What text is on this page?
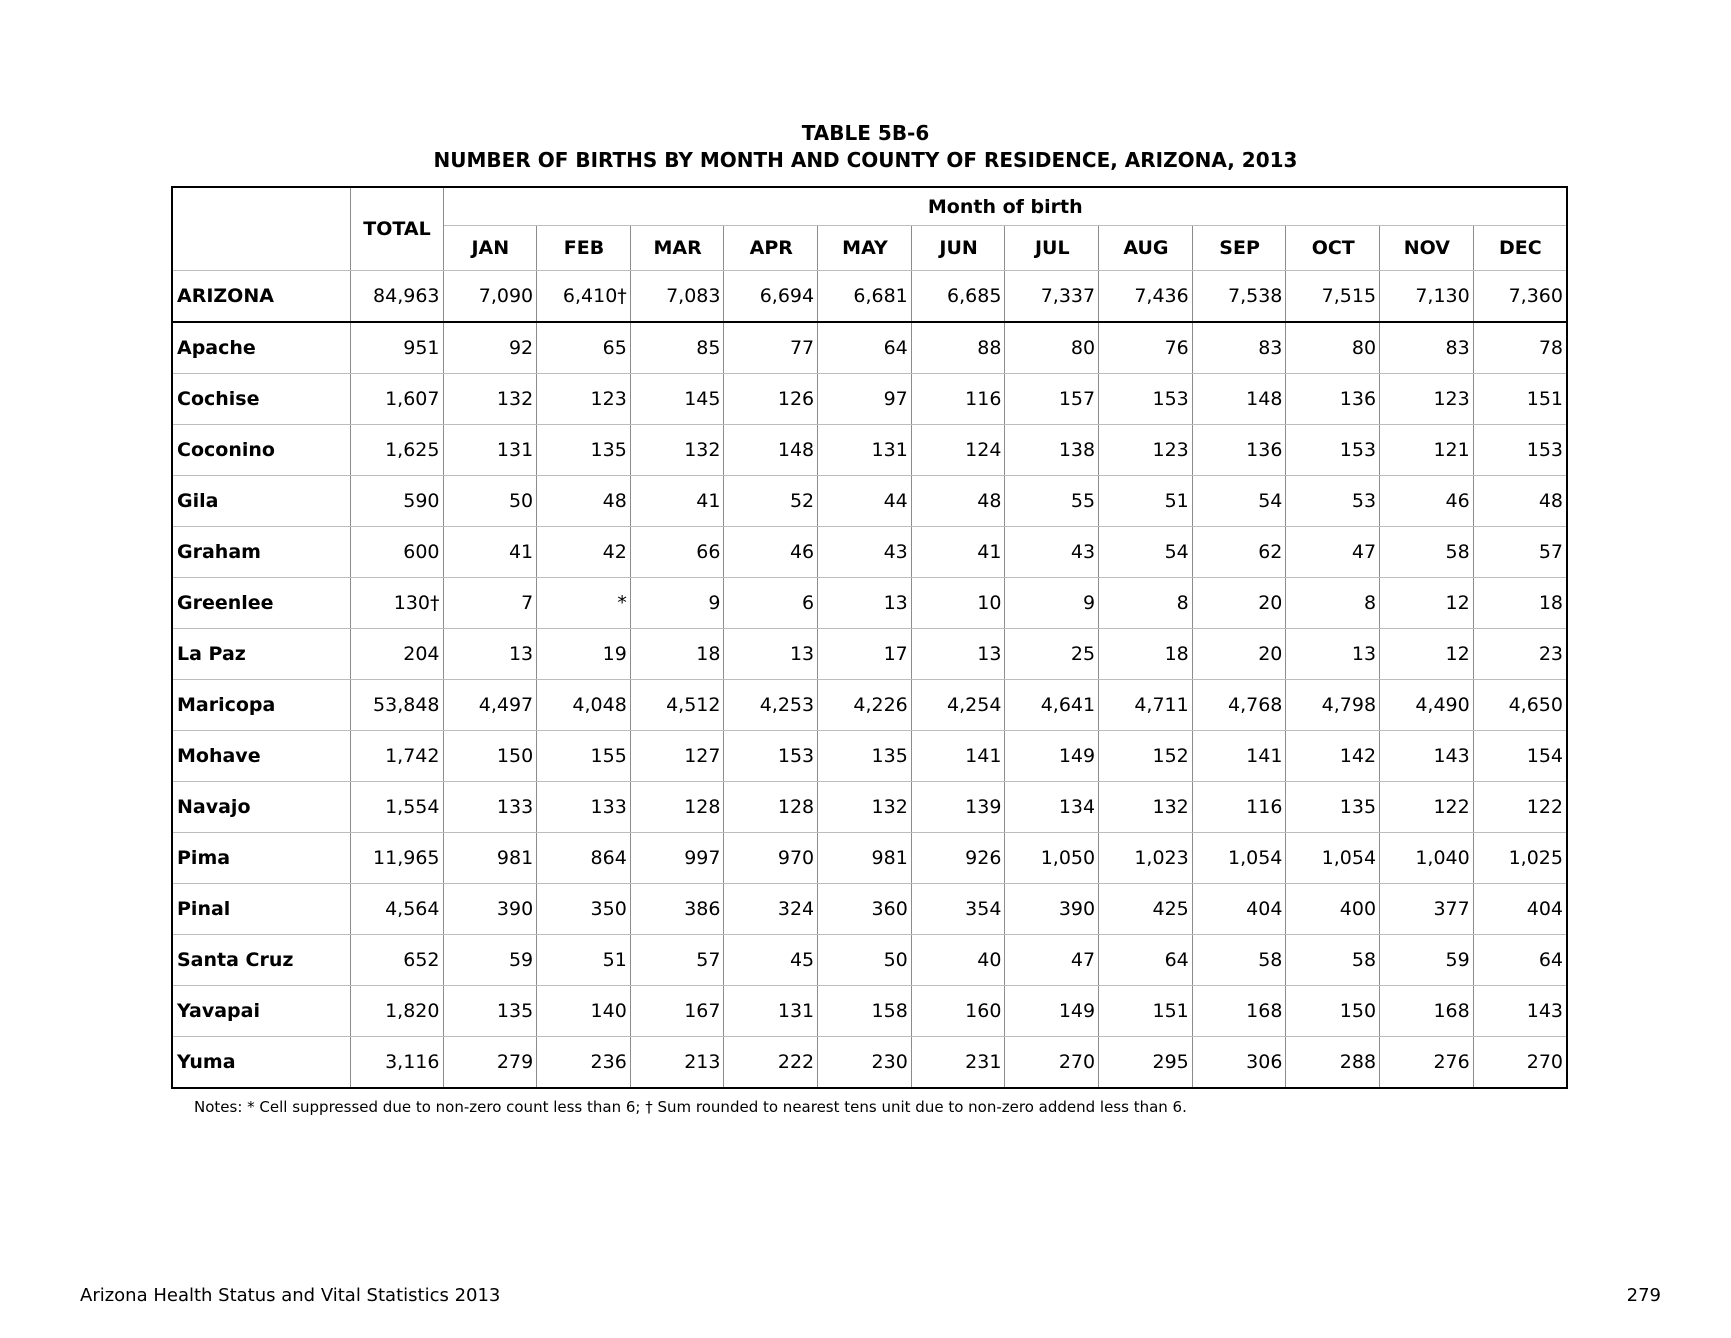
TABLE 5B-6
NUMBER OF BIRTHS BY MONTH AND COUNTY OF RESIDENCE, ARIZONA, 2013
	TOTAL	Month of birth											
		JAN	FEB	MAR	APR	MAY	JUN	JUL	AUG	SEP	OCT	NOV	DEC
ARIZONA	84,963	7,090	6,410†	7,083	6,694	6,681	6,685	7,337	7,436	7,538	7,515	7,130	7,360
Apache	951	92	65	85	77	64	88	80	76	83	80	83	78
Cochise	1,607	132	123	145	126	97	116	157	153	148	136	123	151
Coconino	1,625	131	135	132	148	131	124	138	123	136	153	121	153
Gila	590	50	48	41	52	44	48	55	51	54	53	46	48
Graham	600	41	42	66	46	43	41	43	54	62	47	58	57
Greenlee	130†	7	*	9	6	13	10	9	8	20	8	12	18
La Paz	204	13	19	18	13	17	13	25	18	20	13	12	23
Maricopa	53,848	4,497	4,048	4,512	4,253	4,226	4,254	4,641	4,711	4,768	4,798	4,490	4,650
Mohave	1,742	150	155	127	153	135	141	149	152	141	142	143	154
Navajo	1,554	133	133	128	128	132	139	134	132	116	135	122	122
Pima	11,965	981	864	997	970	981	926	1,050	1,023	1,054	1,054	1,040	1,025
Pinal	4,564	390	350	386	324	360	354	390	425	404	400	377	404
Santa Cruz	652	59	51	57	45	50	40	47	64	58	58	59	64
Yavapai	1,820	135	140	167	131	158	160	149	151	168	150	168	143
Yuma	3,116	279	236	213	222	230	231	270	295	306	288	276	270
Notes: * Cell suppressed due to non-zero count less than 6; † Sum rounded to nearest tens unit due to non-zero addend less than 6.
Arizona Health Status and Vital Statistics 2013	279
